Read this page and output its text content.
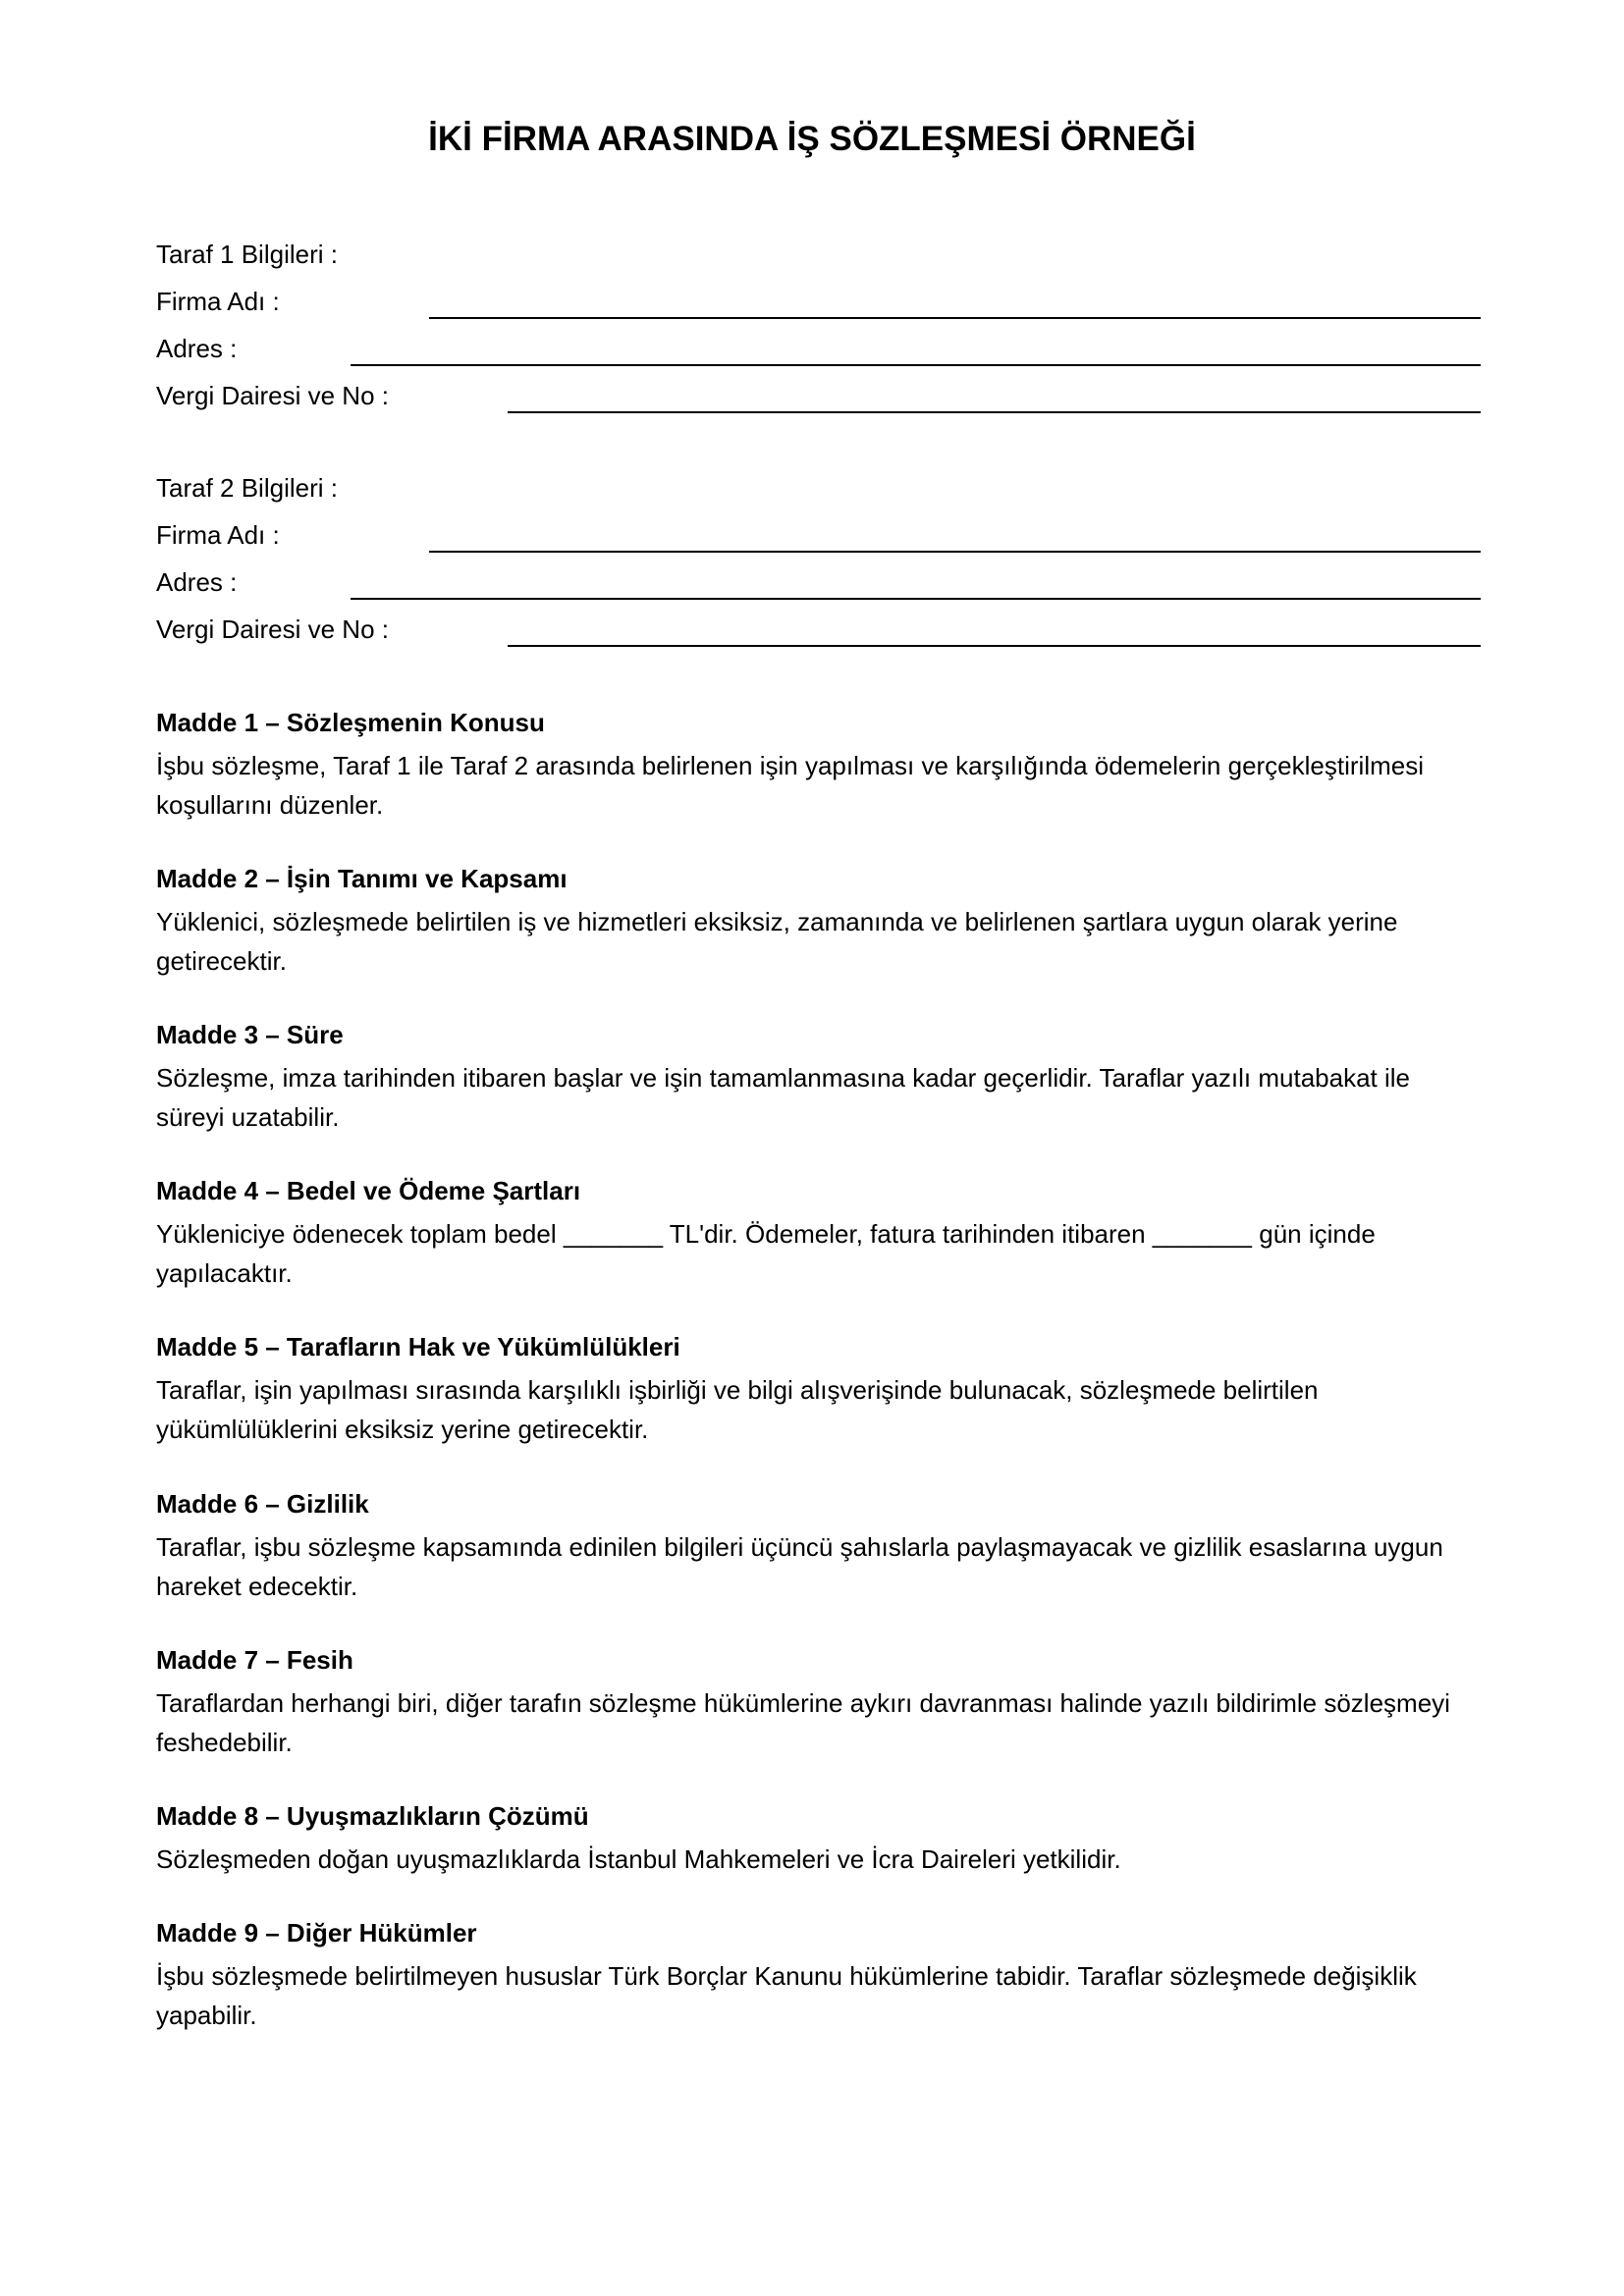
İKİ FİRMA ARASINDA İŞ SÖZLEŞMESİ ÖRNEĞİ
Taraf 1 Bilgileri :
Firma Adı :
Adres :
Vergi Dairesi ve No :
Taraf 2 Bilgileri :
Firma Adı :
Adres :
Vergi Dairesi ve No :
Madde 1 – Sözleşmenin Konusu
İşbu sözleşme, Taraf 1 ile Taraf 2 arasında belirlenen işin yapılması ve karşılığında ödemelerin gerçekleştirilmesi koşullarını düzenler.
Madde 2 – İşin Tanımı ve Kapsamı
Yüklenici, sözleşmede belirtilen iş ve hizmetleri eksiksiz, zamanında ve belirlenen şartlara uygun olarak yerine getirecektir.
Madde 3 – Süre
Sözleşme, imza tarihinden itibaren başlar ve işin tamamlanmasına kadar geçerlidir. Taraflar yazılı mutabakat ile süreyi uzatabilir.
Madde 4 – Bedel ve Ödeme Şartları
Yükleniciye ödenecek toplam bedel _______ TL'dir. Ödemeler, fatura tarihinden itibaren _______ gün içinde yapılacaktır.
Madde 5 – Tarafların Hak ve Yükümlülükleri
Taraflar, işin yapılması sırasında karşılıklı işbirliği ve bilgi alışverişinde bulunacak, sözleşmede belirtilen yükümlülüklerini eksiksiz yerine getirecektir.
Madde 6 – Gizlilik
Taraflar, işbu sözleşme kapsamında edinilen bilgileri üçüncü şahıslarla paylaşmayacak ve gizlilik esaslarına uygun hareket edecektir.
Madde 7 – Fesih
Taraflardan herhangi biri, diğer tarafın sözleşme hükümlerine aykırı davranması halinde yazılı bildirimle sözleşmeyi feshedebilir.
Madde 8 – Uyuşmazlıkların Çözümü
Sözleşmeden doğan uyuşmazlıklarda İstanbul Mahkemeleri ve İcra Daireleri yetkilidir.
Madde 9 – Diğer Hükümler
İşbu sözleşmede belirtilmeyen hususlar Türk Borçlar Kanunu hükümlerine tabidir. Taraflar sözleşmede değişiklik yapabilir.
